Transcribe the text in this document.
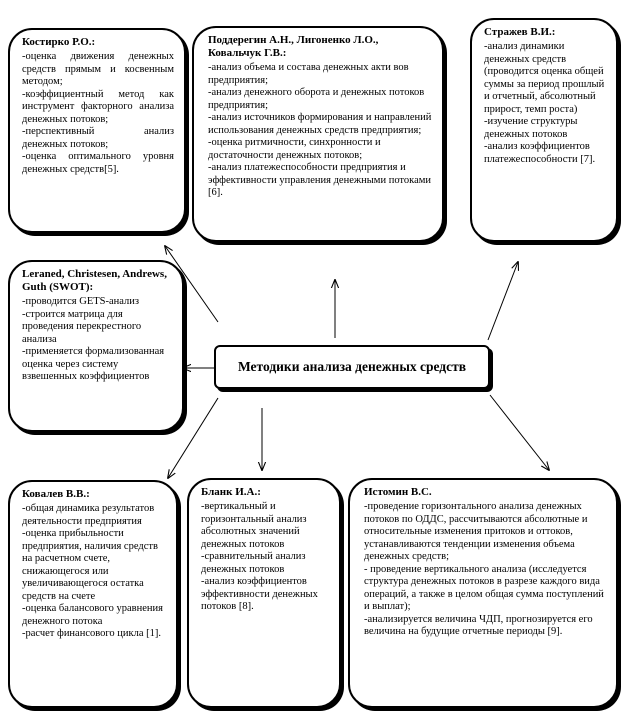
Костирко Р.О.:
-оценка движения денежных средств прямым и косвенным методом;
-коэффициентный метод как инструмент факторного анализа денежных потоков;
-перспективный анализ денежных потоков;
-оценка оптимального уровня денежных средств[5].
Поддерегин А.Н., Лигоненко Л.О., Ковальчук Г.В.:
-анализ объема и состава денежных акти вов предприятия;
-анализ денежного оборота и денежных потоков предприятия;
-анализ источников формирования и направлений использования денежных средств предприятия;
-оценка ритмичности, синхронности и достаточности денежных потоков;
-анализ платежеспособности предприятия и эффективности управления денежными потоками [6].
Стражев В.И.:
-анализ динамики денежных средств (проводится оценка общей суммы за период прошлый и отчетный, абсолютный прирост, темп роста)
-изучение структуры денежных потоков
-анализ коэффициентов платежеспособности [7].
Leraned, Christesen, Andrews, Guth (SWOT):
-проводится GETS-анализ
-строится матрица для проведения перекрестного анализа
-применяется формализованная оценка через систему взвешенных коэффициентов
Методики анализа денежных средств
Ковалев В.В.:
-общая динамика результатов деятельности предприятия
-оценка прибыльности предприятия, наличия средств на расчетном счете, снижающегося или увеличивающегося остатка средств на счете
-оценка балансового уравнения денежного потока
-расчет финансового цикла [1].
Бланк И.А.:
-вертикальный и горизонтальный анализ абсолютных значений денежных потоков
-сравнительный анализ денежных потоков
-анализ коэффициентов эффективности денежных потоков [8].
Истомин В.С.
-проведение горизонтального анализа денежных потоков по ОДДС, рассчитываются абсолютные и относительные изменения притоков и оттоков, устанавливаются тенденции изменения объема денежных средств;
- проведение вертикального анализа (исследуется структура денежных потоков в разрезе каждого вида операций, а также в целом общая сумма поступлений и выплат);
-анализируется величина ЧДП, прогнозируется его величина на будущие отчетные периоды [9].
